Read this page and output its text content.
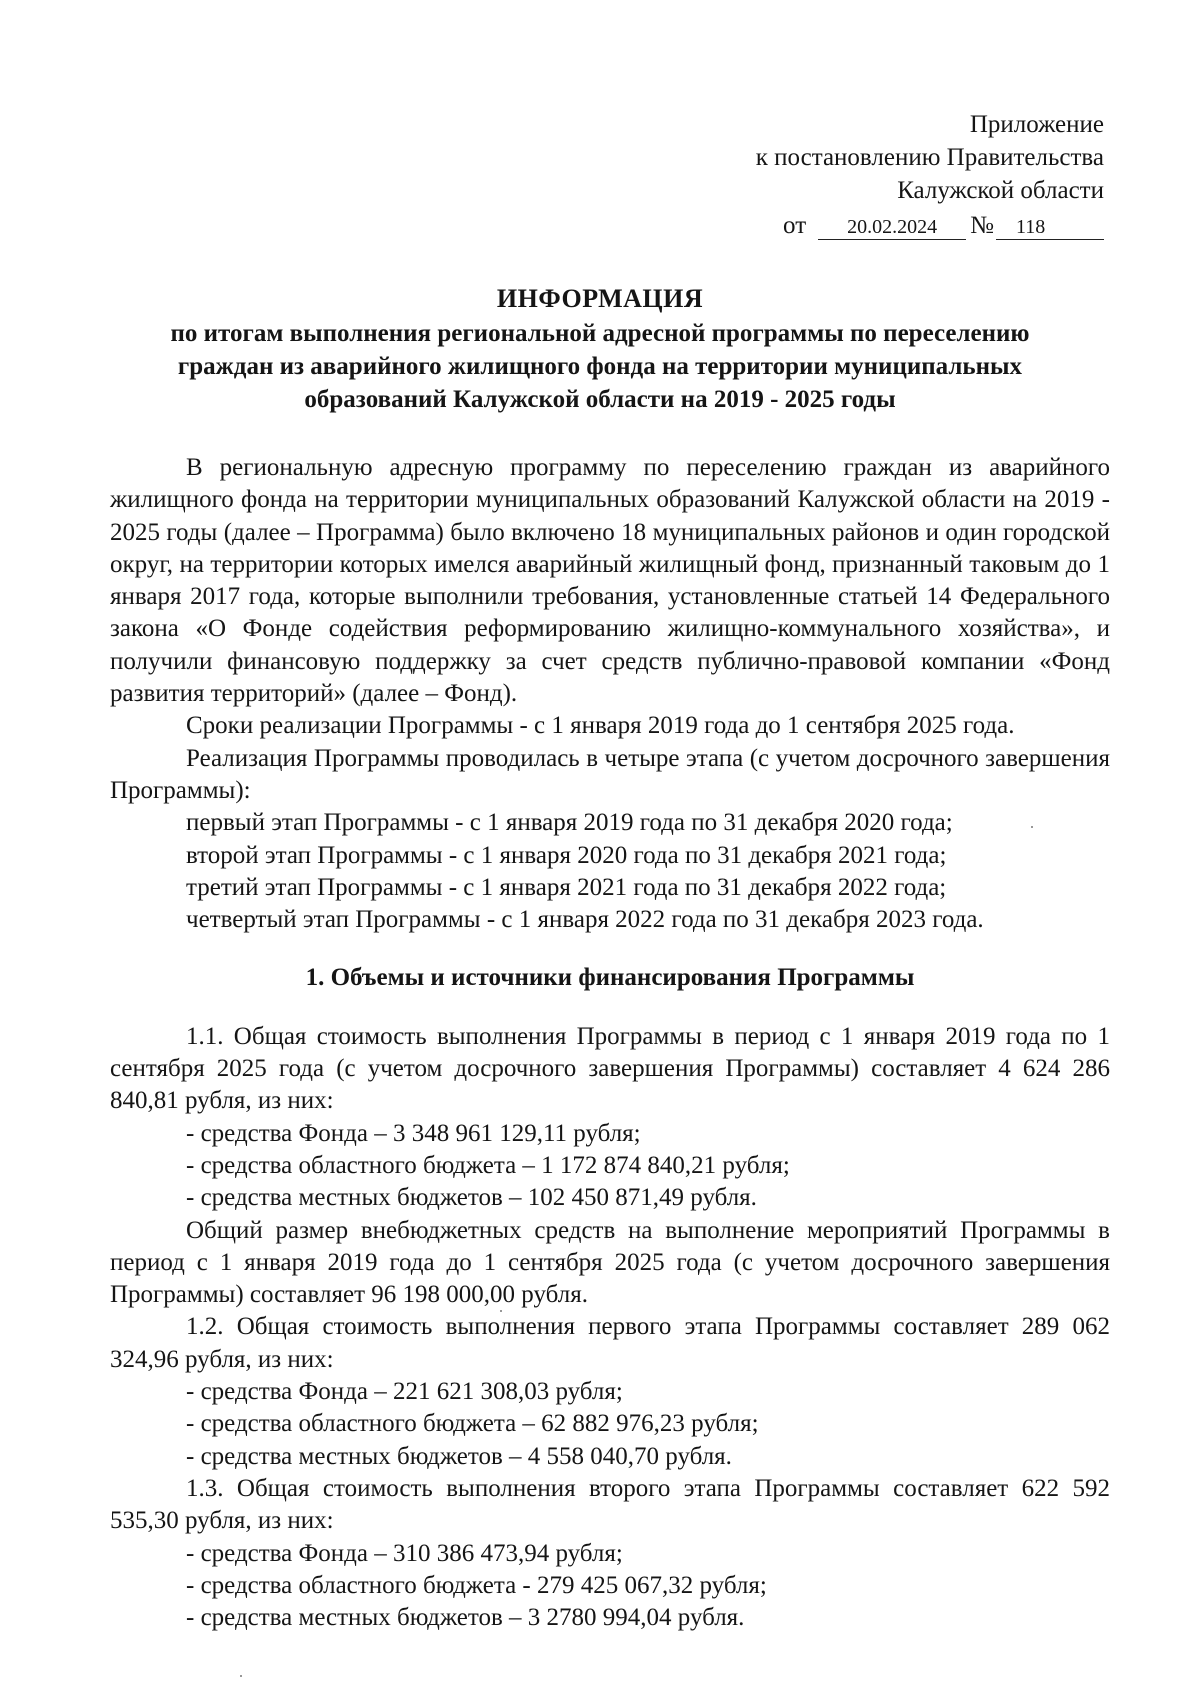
Приложение
к постановлению Правительства
Калужской области
от 20.02.2024 № 118
ИНФОРМАЦИЯ
по итогам выполнения региональной адресной программы по переселению
граждан из аварийного жилищного фонда на территории муниципальных
образований Калужской области на 2019 - 2025 годы

В региональную адресную программу по переселению граждан из аварийного жилищного фонда на территории муниципальных образований Калужской области на 2019 - 2025 годы (далее – Программа) было включено 18 муниципальных районов и один городской округ, на территории которых имелся аварийный жилищный фонд, признанный таковым до 1 января 2017 года, которые выполнили требования, установленные статьей 14 Федерального закона «О Фонде содействия реформированию жилищно-коммунального хозяйства», и получили финансовую поддержку за счет средств публично-правовой компании «Фонд развития территорий» (далее – Фонд).

Сроки реализации Программы - с 1 января 2019 года до 1 сентября 2025 года.

Реализация Программы проводилась в четыре этапа (с учетом досрочного завершения Программы):

первый этап Программы - с 1 января 2019 года по 31 декабря 2020 года;

второй этап Программы - с 1 января 2020 года по 31 декабря 2021 года;

третий этап Программы - с 1 января 2021 года по 31 декабря 2022 года;

четвертый этап Программы - с 1 января 2022 года по 31 декабря 2023 года.

1. Объемы и источники финансирования Программы

1.1. Общая стоимость выполнения Программы в период с 1 января 2019 года по 1 сентября 2025 года (с учетом досрочного завершения Программы) составляет 4 624 286 840,81 рубля, из них:

- средства Фонда – 3 348 961 129,11 рубля;

- средства областного бюджета – 1 172 874 840,21 рубля;

- средства местных бюджетов – 102 450 871,49 рубля.

Общий размер внебюджетных средств на выполнение мероприятий Программы в период с 1 января 2019 года до 1 сентября 2025 года (с учетом досрочного завершения Программы) составляет 96 198 000,00 рубля.

1.2. Общая стоимость выполнения первого этапа Программы составляет 289 062 324,96 рубля, из них:

- средства Фонда – 221 621 308,03 рубля;

- средства областного бюджета – 62 882 976,23 рубля;

- средства местных бюджетов – 4 558 040,70 рубля.

1.3. Общая стоимость выполнения второго этапа Программы составляет 622 592 535,30 рубля, из них:

- средства Фонда – 310 386 473,94 рубля;

- средства областного бюджета - 279 425 067,32 рубля;

- средства местных бюджетов – 3 2780 994,04 рубля.
